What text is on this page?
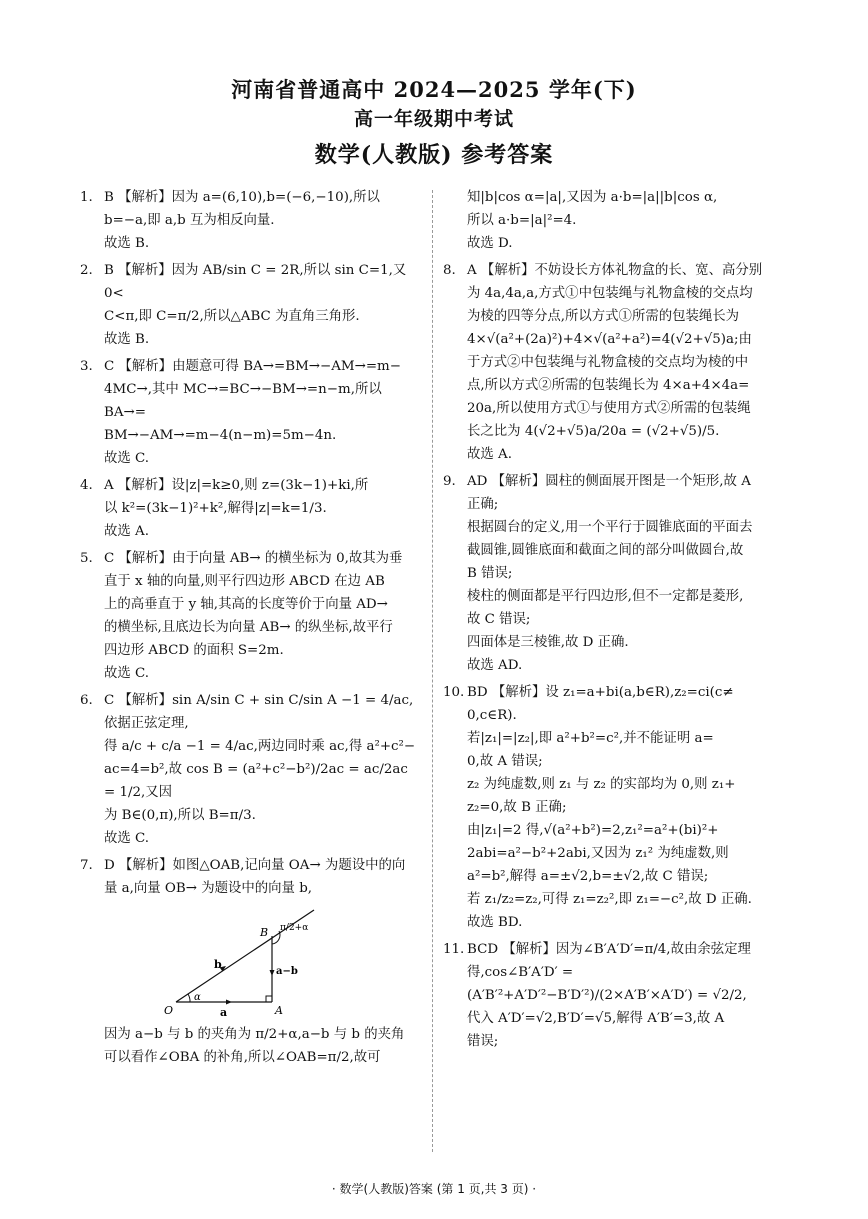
河南省普通高中 2024—2025 学年(下)
高一年级期中考试
数学(人教版) 参考答案
1. B 【解析】因为 a=(6,10),b=(−6,−10),所以
b=−a,即 a,b 互为相反向量.
故选 B.
2. B 【解析】因为 AB/sin C = 2R,所以 sin C=1,又 0<
C<π,即 C=π/2,所以△ABC 为直角三角形.
故选 B.
3. C 【解析】由题意可得 BA→=BM→−AM→=m−
4MC→,其中 MC→=BC→−BM→=n−m,所以 BA→=
BM→−AM→=m−4(n−m)=5m−4n.
故选 C.
4. A 【解析】设|z|=k≥0,则 z=(3k−1)+ki,所
以 k²=(3k−1)²+k²,解得|z|=k=1/3.
故选 A.
5. C 【解析】由于向量 AB→ 的横坐标为 0,故其为垂
直于 x 轴的向量,则平行四边形 ABCD 在边 AB
上的高垂直于 y 轴,其高的长度等价于向量 AD→
的横坐标,且底边长为向量 AB→ 的纵坐标,故平行
四边形 ABCD 的面积 S=2m.
故选 C.
6. C 【解析】sin A/sin C + sin C/sin A −1 = 4/ac,依据正弦定理,
得 a/c + c/a −1 = 4/ac,两边同时乘 ac,得 a²+c²−
ac=4=b²,故 cos B = (a²+c²−b²)/2ac = ac/2ac = 1/2,又因
为 B∈(0,π),所以 B=π/3.
故选 C.
7. D 【解析】如图△OAB,记向量 OA→ 为题设中的向
量 a,向量 OB→ 为题设中的向量 b,
O	A
B
a
b
a−b
α
π/2+α
因为 a−b 与 b 的夹角为 π/2+α,a−b 与 b 的夹角
可以看作∠OBA 的补角,所以∠OAB=π/2,故可
知|b|cos α=|a|,又因为 a·b=|a||b|cos α,
所以 a·b=|a|²=4.
故选 D.
8. A 【解析】不妨设长方体礼物盒的长、宽、高分别
为 4a,4a,a,方式①中包装绳与礼物盒棱的交点均
为棱的四等分点,所以方式①所需的包装绳长为
4×√(a²+(2a)²)+4×√(a²+a²)=4(√2+√5)a;由
于方式②中包装绳与礼物盒棱的交点均为棱的中
点,所以方式②所需的包装绳长为 4×a+4×4a=
20a,所以使用方式①与使用方式②所需的包装绳
长之比为 4(√2+√5)a/20a = (√2+√5)/5.
故选 A.
9. AD 【解析】圆柱的侧面展开图是一个矩形,故 A
正确;
根据圆台的定义,用一个平行于圆锥底面的平面去
截圆锥,圆锥底面和截面之间的部分叫做圆台,故
B 错误;
棱柱的侧面都是平行四边形,但不一定都是菱形,
故 C 错误;
四面体是三棱锥,故 D 正确.
故选 AD.
10. BD 【解析】设 z₁=a+bi(a,b∈R),z₂=ci(c≠
0,c∈R).
若|z₁|=|z₂|,即 a²+b²=c²,并不能证明 a=
0,故 A 错误;
z₂ 为纯虚数,则 z₁ 与 z₂ 的实部均为 0,则 z₁+
z₂=0,故 B 正确;
由|z₁|=2 得,√(a²+b²)=2,z₁²=a²+(bi)²+
2abi=a²−b²+2abi,又因为 z₁² 为纯虚数,则
a²=b²,解得 a=±√2,b=±√2,故 C 错误;
若 z₁/z₂=z₂,可得 z₁=z₂²,即 z₁=−c²,故 D 正确.
故选 BD.
11. BCD 【解析】因为∠B′A′D′=π/4,故由余弦定理
得,cos∠B′A′D′ = (A′B′²+A′D′²−B′D′²)/(2×A′B′×A′D′) = √2/2,
代入 A′D′=√2,B′D′=√5,解得 A′B′=3,故 A
错误;
· 数学(人教版)答案 (第 1 页,共 3 页) ·
